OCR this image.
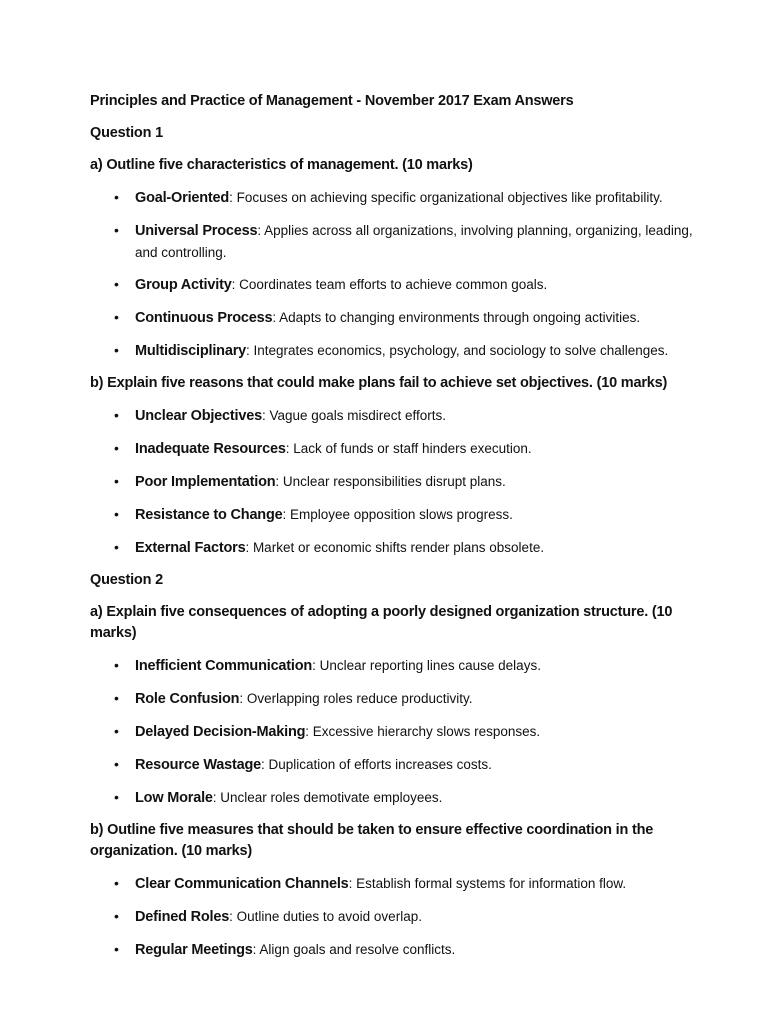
Principles and Practice of Management - November 2017 Exam Answers

Question 1

a) Outline five characteristics of management. (10 marks)

• Goal-Oriented: Focuses on achieving specific organizational objectives like profitability.
• Universal Process: Applies across all organizations, involving planning, organizing, leading, and controlling.
• Group Activity: Coordinates team efforts to achieve common goals.
• Continuous Process: Adapts to changing environments through ongoing activities.
• Multidisciplinary: Integrates economics, psychology, and sociology to solve challenges.

b) Explain five reasons that could make plans fail to achieve set objectives. (10 marks)

• Unclear Objectives: Vague goals misdirect efforts.
• Inadequate Resources: Lack of funds or staff hinders execution.
• Poor Implementation: Unclear responsibilities disrupt plans.
• Resistance to Change: Employee opposition slows progress.
• External Factors: Market or economic shifts render plans obsolete.

Question 2

a) Explain five consequences of adopting a poorly designed organization structure. (10 marks)

• Inefficient Communication: Unclear reporting lines cause delays.
• Role Confusion: Overlapping roles reduce productivity.
• Delayed Decision-Making: Excessive hierarchy slows responses.
• Resource Wastage: Duplication of efforts increases costs.
• Low Morale: Unclear roles demotivate employees.

b) Outline five measures that should be taken to ensure effective coordination in the organization. (10 marks)

• Clear Communication Channels: Establish formal systems for information flow.
• Defined Roles: Outline duties to avoid overlap.
• Regular Meetings: Align goals and resolve conflicts.
